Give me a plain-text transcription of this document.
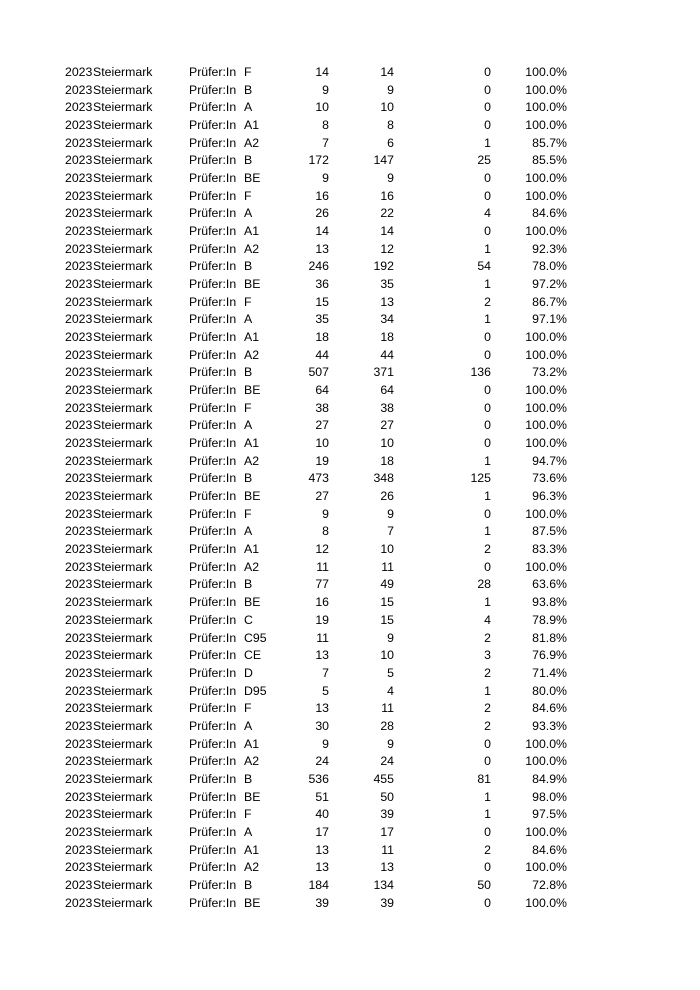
2023 Steiermark	Prüfer:In F	14	14	0	100.0%
2023 Steiermark	Prüfer:In B	9	9	0	100.0%
2023 Steiermark	Prüfer:In A	10	10	0	100.0%
2023 Steiermark	Prüfer:In A1	8	8	0	100.0%
2023 Steiermark	Prüfer:In A2	7	6	1	85.7%
2023 Steiermark	Prüfer:In B	172	147	25	85.5%
2023 Steiermark	Prüfer:In BE	9	9	0	100.0%
2023 Steiermark	Prüfer:In F	16	16	0	100.0%
2023 Steiermark	Prüfer:In A	26	22	4	84.6%
2023 Steiermark	Prüfer:In A1	14	14	0	100.0%
2023 Steiermark	Prüfer:In A2	13	12	1	92.3%
2023 Steiermark	Prüfer:In B	246	192	54	78.0%
2023 Steiermark	Prüfer:In BE	36	35	1	97.2%
2023 Steiermark	Prüfer:In F	15	13	2	86.7%
2023 Steiermark	Prüfer:In A	35	34	1	97.1%
2023 Steiermark	Prüfer:In A1	18	18	0	100.0%
2023 Steiermark	Prüfer:In A2	44	44	0	100.0%
2023 Steiermark	Prüfer:In B	507	371	136	73.2%
2023 Steiermark	Prüfer:In BE	64	64	0	100.0%
2023 Steiermark	Prüfer:In F	38	38	0	100.0%
2023 Steiermark	Prüfer:In A	27	27	0	100.0%
2023 Steiermark	Prüfer:In A1	10	10	0	100.0%
2023 Steiermark	Prüfer:In A2	19	18	1	94.7%
2023 Steiermark	Prüfer:In B	473	348	125	73.6%
2023 Steiermark	Prüfer:In BE	27	26	1	96.3%
2023 Steiermark	Prüfer:In F	9	9	0	100.0%
2023 Steiermark	Prüfer:In A	8	7	1	87.5%
2023 Steiermark	Prüfer:In A1	12	10	2	83.3%
2023 Steiermark	Prüfer:In A2	11	11	0	100.0%
2023 Steiermark	Prüfer:In B	77	49	28	63.6%
2023 Steiermark	Prüfer:In BE	16	15	1	93.8%
2023 Steiermark	Prüfer:In C	19	15	4	78.9%
2023 Steiermark	Prüfer:In C95	11	9	2	81.8%
2023 Steiermark	Prüfer:In CE	13	10	3	76.9%
2023 Steiermark	Prüfer:In D	7	5	2	71.4%
2023 Steiermark	Prüfer:In D95	5	4	1	80.0%
2023 Steiermark	Prüfer:In F	13	11	2	84.6%
2023 Steiermark	Prüfer:In A	30	28	2	93.3%
2023 Steiermark	Prüfer:In A1	9	9	0	100.0%
2023 Steiermark	Prüfer:In A2	24	24	0	100.0%
2023 Steiermark	Prüfer:In B	536	455	81	84.9%
2023 Steiermark	Prüfer:In BE	51	50	1	98.0%
2023 Steiermark	Prüfer:In F	40	39	1	97.5%
2023 Steiermark	Prüfer:In A	17	17	0	100.0%
2023 Steiermark	Prüfer:In A1	13	11	2	84.6%
2023 Steiermark	Prüfer:In A2	13	13	0	100.0%
2023 Steiermark	Prüfer:In B	184	134	50	72.8%
2023 Steiermark	Prüfer:In BE	39	39	0	100.0%
